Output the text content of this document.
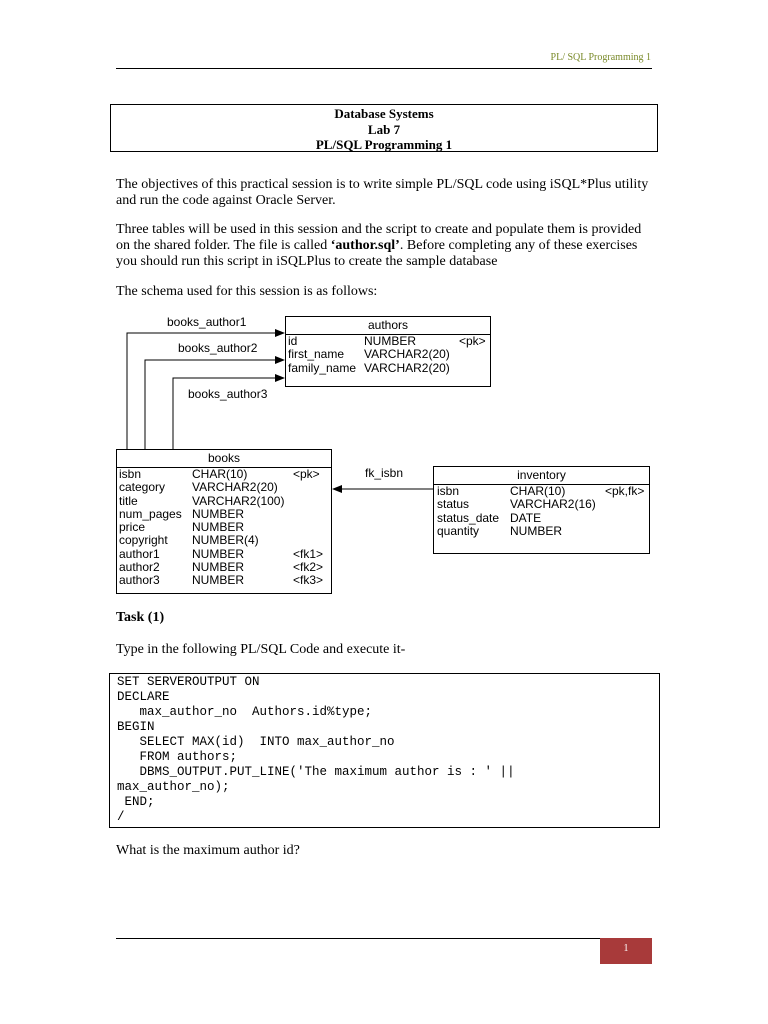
PL/ SQL Programming 1
Database Systems
Lab 7
PL/SQL Programming 1
The objectives of this practical session is to write simple PL/SQL code using iSQL*Plus utility and run the code against Oracle Server.
Three tables will be used in this session and the script to create and populate them is provided on the shared folder. The file is called ‘author.sql’. Before completing any of these exercises you should run this script in iSQLPlus to create the sample database
The schema used for this session is as follows:
books_author1
books_author2
books_author3
fk_isbn
authors
id	NUMBER	<pk>
first_name VARCHAR2(20)
family_name VARCHAR2(20)
books
isbn	CHAR(10)	<pk>
category VARCHAR2(20)
title	VARCHAR2(100)
num_pages NUMBER
price	NUMBER
copyright NUMBER(4)
author1	NUMBER	<fk1>
author2	NUMBER	<fk2>
author3	NUMBER	<fk3>
inventory
isbn	CHAR(10)	<pk,fk>
status	VARCHAR2(16)
status_date DATE
quantity	NUMBER
Task (1)
Type in the following PL/SQL Code and execute it-
SET SERVEROUTPUT ON
DECLARE
max_author_no  Authors.id%type;
BEGIN
SELECT MAX(id)  INTO max_author_no
FROM authors;
DBMS_OUTPUT.PUT_LINE('The maximum author is : ' ||
max_author_no);
END;
/
What is the maximum author id?
1
